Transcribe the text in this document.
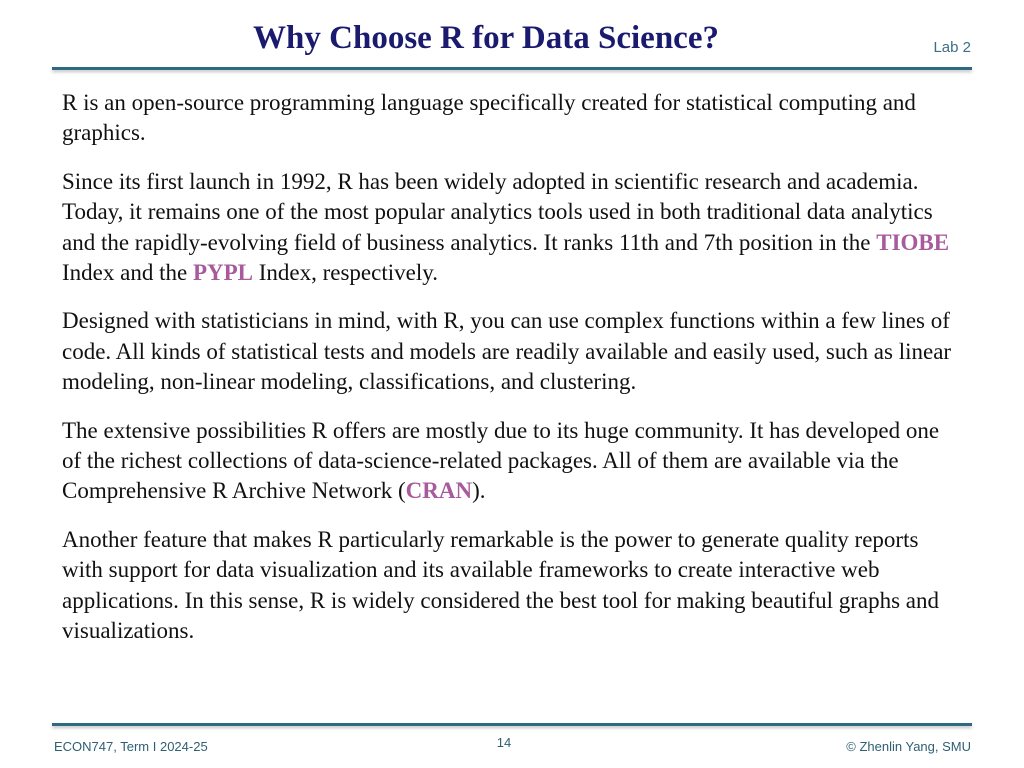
Why Choose R for Data Science?	Lab 2

R is an open-source programming language specifically created for statistical computing and graphics.

Since its first launch in 1992, R has been widely adopted in scientific research and academia. Today, it remains one of the most popular analytics tools used in both traditional data analytics and the rapidly-evolving field of business analytics. It ranks 11th and 7th position in the TIOBE Index and the PYPL Index, respectively.

Designed with statisticians in mind, with R, you can use complex functions within a few lines of code. All kinds of statistical tests and models are readily available and easily used, such as linear modeling, non-linear modeling, classifications, and clustering.

The extensive possibilities R offers are mostly due to its huge community. It has developed one of the richest collections of data-science-related packages. All of them are available via the Comprehensive R Archive Network (CRAN).

Another feature that makes R particularly remarkable is the power to generate quality reports with support for data visualization and its available frameworks to create interactive web applications. In this sense, R is widely considered the best tool for making beautiful graphs and visualizations.

ECON747, Term I 2024-25	14	© Zhenlin Yang, SMU
